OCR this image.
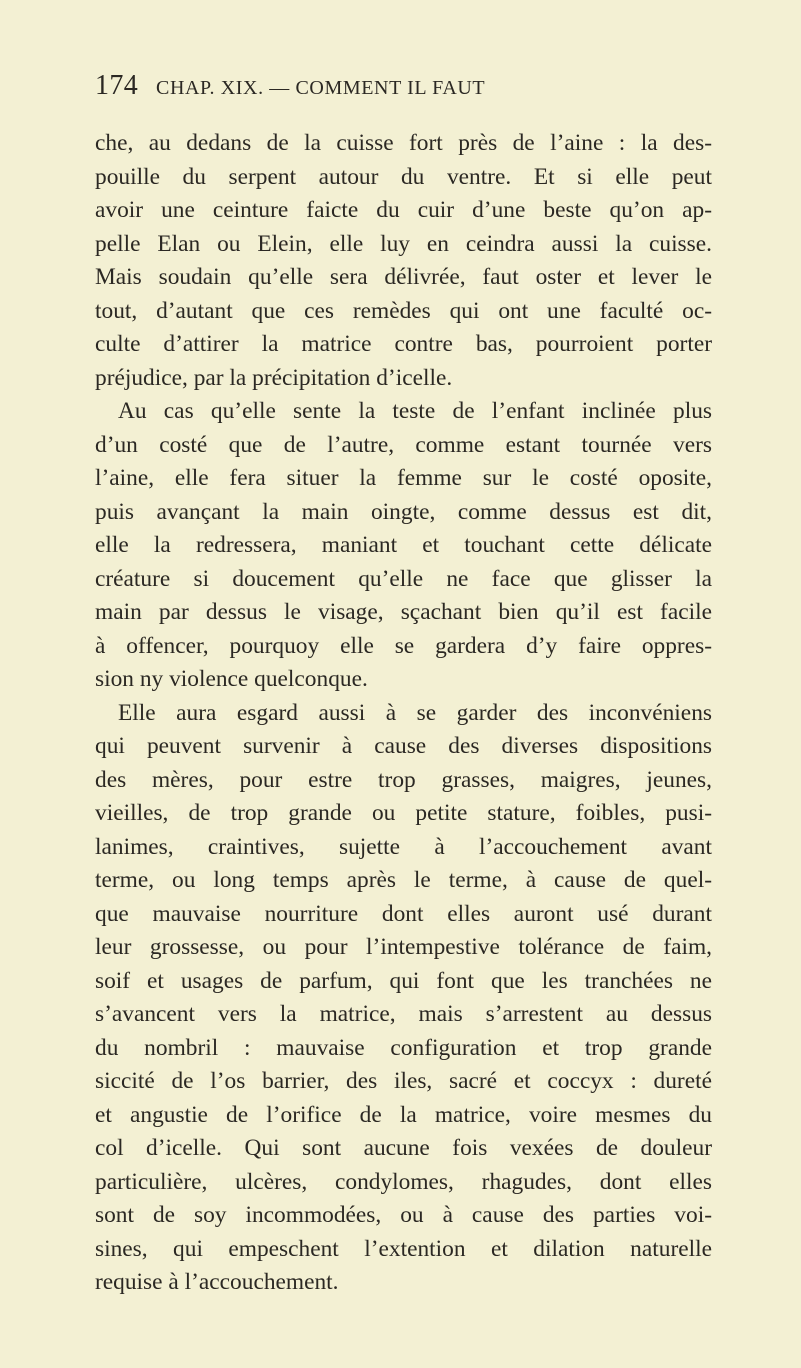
174 CHAP. XIX. — COMMENT IL FAUT
che, au dedans de la cuisse fort près de l’aine : la des-
pouille du serpent autour du ventre. Et si elle peut
avoir une ceinture faicte du cuir d’une beste qu’on ap-
pelle Elan ou Elein, elle luy en ceindra aussi la cuisse.
Mais soudain qu’elle sera délivrée, faut oster et lever le
tout, d’autant que ces remèdes qui ont une faculté oc-
culte d’attirer la matrice contre bas, pourroient porter
préjudice, par la précipitation d’icelle.
Au cas qu’elle sente la teste de l’enfant inclinée plus
d’un costé que de l’autre, comme estant tournée vers
l’aine, elle fera situer la femme sur le costé oposite,
puis avançant la main oingte, comme dessus est dit,
elle la redressera, maniant et touchant cette délicate
créature si doucement qu’elle ne face que glisser la
main par dessus le visage, sçachant bien qu’il est facile
à offencer, pourquoy elle se gardera d’y faire oppres-
sion ny violence quelconque.
Elle aura esgard aussi à se garder des inconvéniens
qui peuvent survenir à cause des diverses dispositions
des mères, pour estre trop grasses, maigres, jeunes,
vieilles, de trop grande ou petite stature, foibles, pusi-
lanimes, craintives, sujette à l’accouchement avant
terme, ou long temps après le terme, à cause de quel-
que mauvaise nourriture dont elles auront usé durant
leur grossesse, ou pour l’intempestive tolérance de faim,
soif et usages de parfum, qui font que les tranchées ne
s’avancent vers la matrice, mais s’arrestent au dessus
du nombril : mauvaise configuration et trop grande
siccité de l’os barrier, des iles, sacré et coccyx : dureté
et angustie de l’orifice de la matrice, voire mesmes du
col d’icelle. Qui sont aucune fois vexées de douleur
particulière, ulcères, condylomes, rhagudes, dont elles
sont de soy incommodées, ou à cause des parties voi-
sines, qui empeschent l’extention et dilation naturelle
requise à l’accouchement.
